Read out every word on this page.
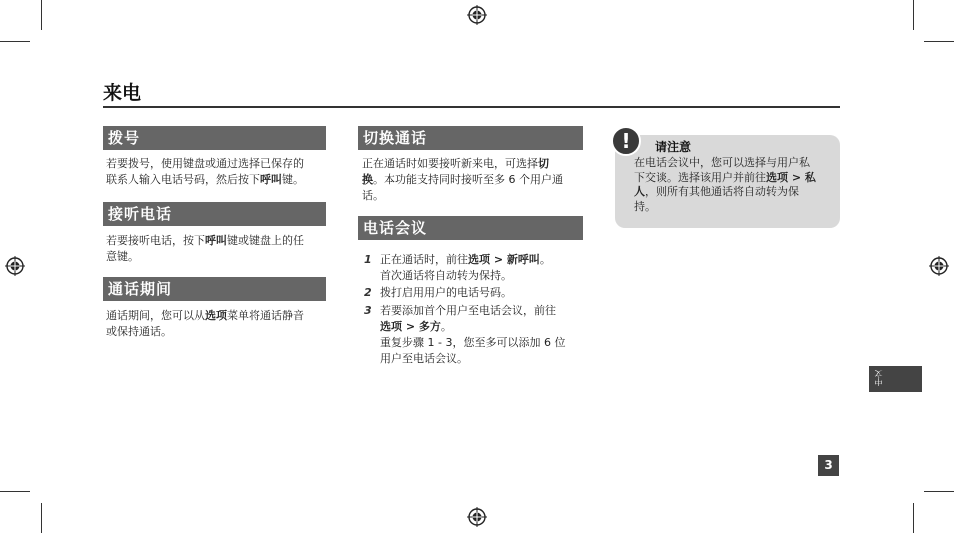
来电
拨号
若要拨号，使用键盘或通过选择已保存的
联系人输入电话号码，然后按下呼叫键。
接听电话
若要接听电话，按下呼叫键或键盘上的任
意键。
通话期间
通话期间，您可以从选项菜单将通话静音
或保持通话。
切换通话
正在通话时如要接听新来电，可选择切
换。本功能支持同时接听至多 6 个用户通
话。
电话会议
1 正在通话时，前往选项 > 新呼叫。
首次通话将自动转为保持。
2 拨打启用用户的电话号码。
3 若要添加首个用户至电话会议，前往
选项 > 多方。
重复步骤 1 - 3，您至多可以添加 6 位
用户至电话会议。
!	请注意
在电话会议中，您可以选择与用户私
下交谈。选择该用户并前往选项 > 私
人，则所有其他通话将自动转为保
持。
中文
3
